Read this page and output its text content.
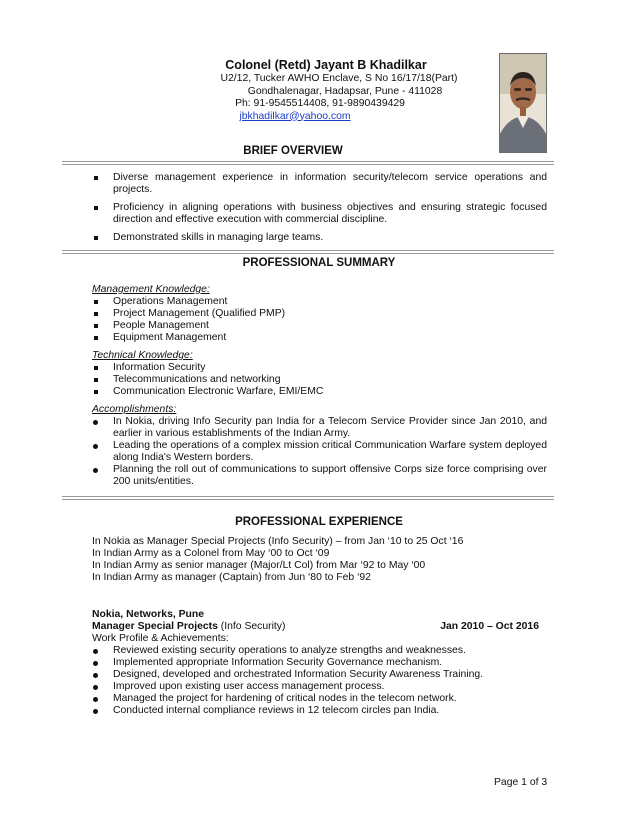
Colonel (Retd) Jayant B Khadilkar
U2/12, Tucker AWHO Enclave, S No 16/17/18(Part)
Gondhalenagar, Hadapsar, Pune - 411028
Ph: 91-9545514408, 91-9890439429
jbkhadilkar@yahoo.com
BRIEF OVERVIEW
Diverse management experience in information security/telecom service operations and projects.
Proficiency in aligning operations with business objectives and ensuring strategic focused direction and effective execution with commercial discipline.
Demonstrated skills in managing large teams.
PROFESSIONAL SUMMARY
Management Knowledge:
Operations Management
Project Management (Qualified PMP)
People Management
Equipment Management
Technical Knowledge:
Information Security
Telecommunications and networking
Communication Electronic Warfare, EMI/EMC
Accomplishments:
In Nokia, driving Info Security pan India for a Telecom Service Provider since Jan 2010, and earlier in various establishments of the Indian Army.
Leading the operations of a complex mission critical Communication Warfare system deployed along India's Western borders.
Planning the roll out of communications to support offensive Corps size force comprising over 200 units/entities.
PROFESSIONAL EXPERIENCE
In Nokia as Manager Special Projects (Info Security) – from Jan ‘10 to 25 Oct ‘16
In Indian Army as a Colonel from May ‘00 to Oct ‘09
In Indian Army as senior manager (Major/Lt Col) from Mar ‘92 to May ‘00
In Indian Army as manager (Captain) from Jun ‘80 to Feb ‘92
Nokia, Networks, Pune
Manager Special Projects (Info Security)	Jan 2010 – Oct 2016
Work Profile & Achievements:
Reviewed existing security operations to analyze strengths and weaknesses.
Implemented appropriate Information Security Governance mechanism.
Designed, developed and orchestrated Information Security Awareness Training.
Improved upon existing user access management process.
Managed the project for hardening of critical nodes in the telecom network.
Conducted internal compliance reviews in 12 telecom circles pan India.
Page 1 of 3
